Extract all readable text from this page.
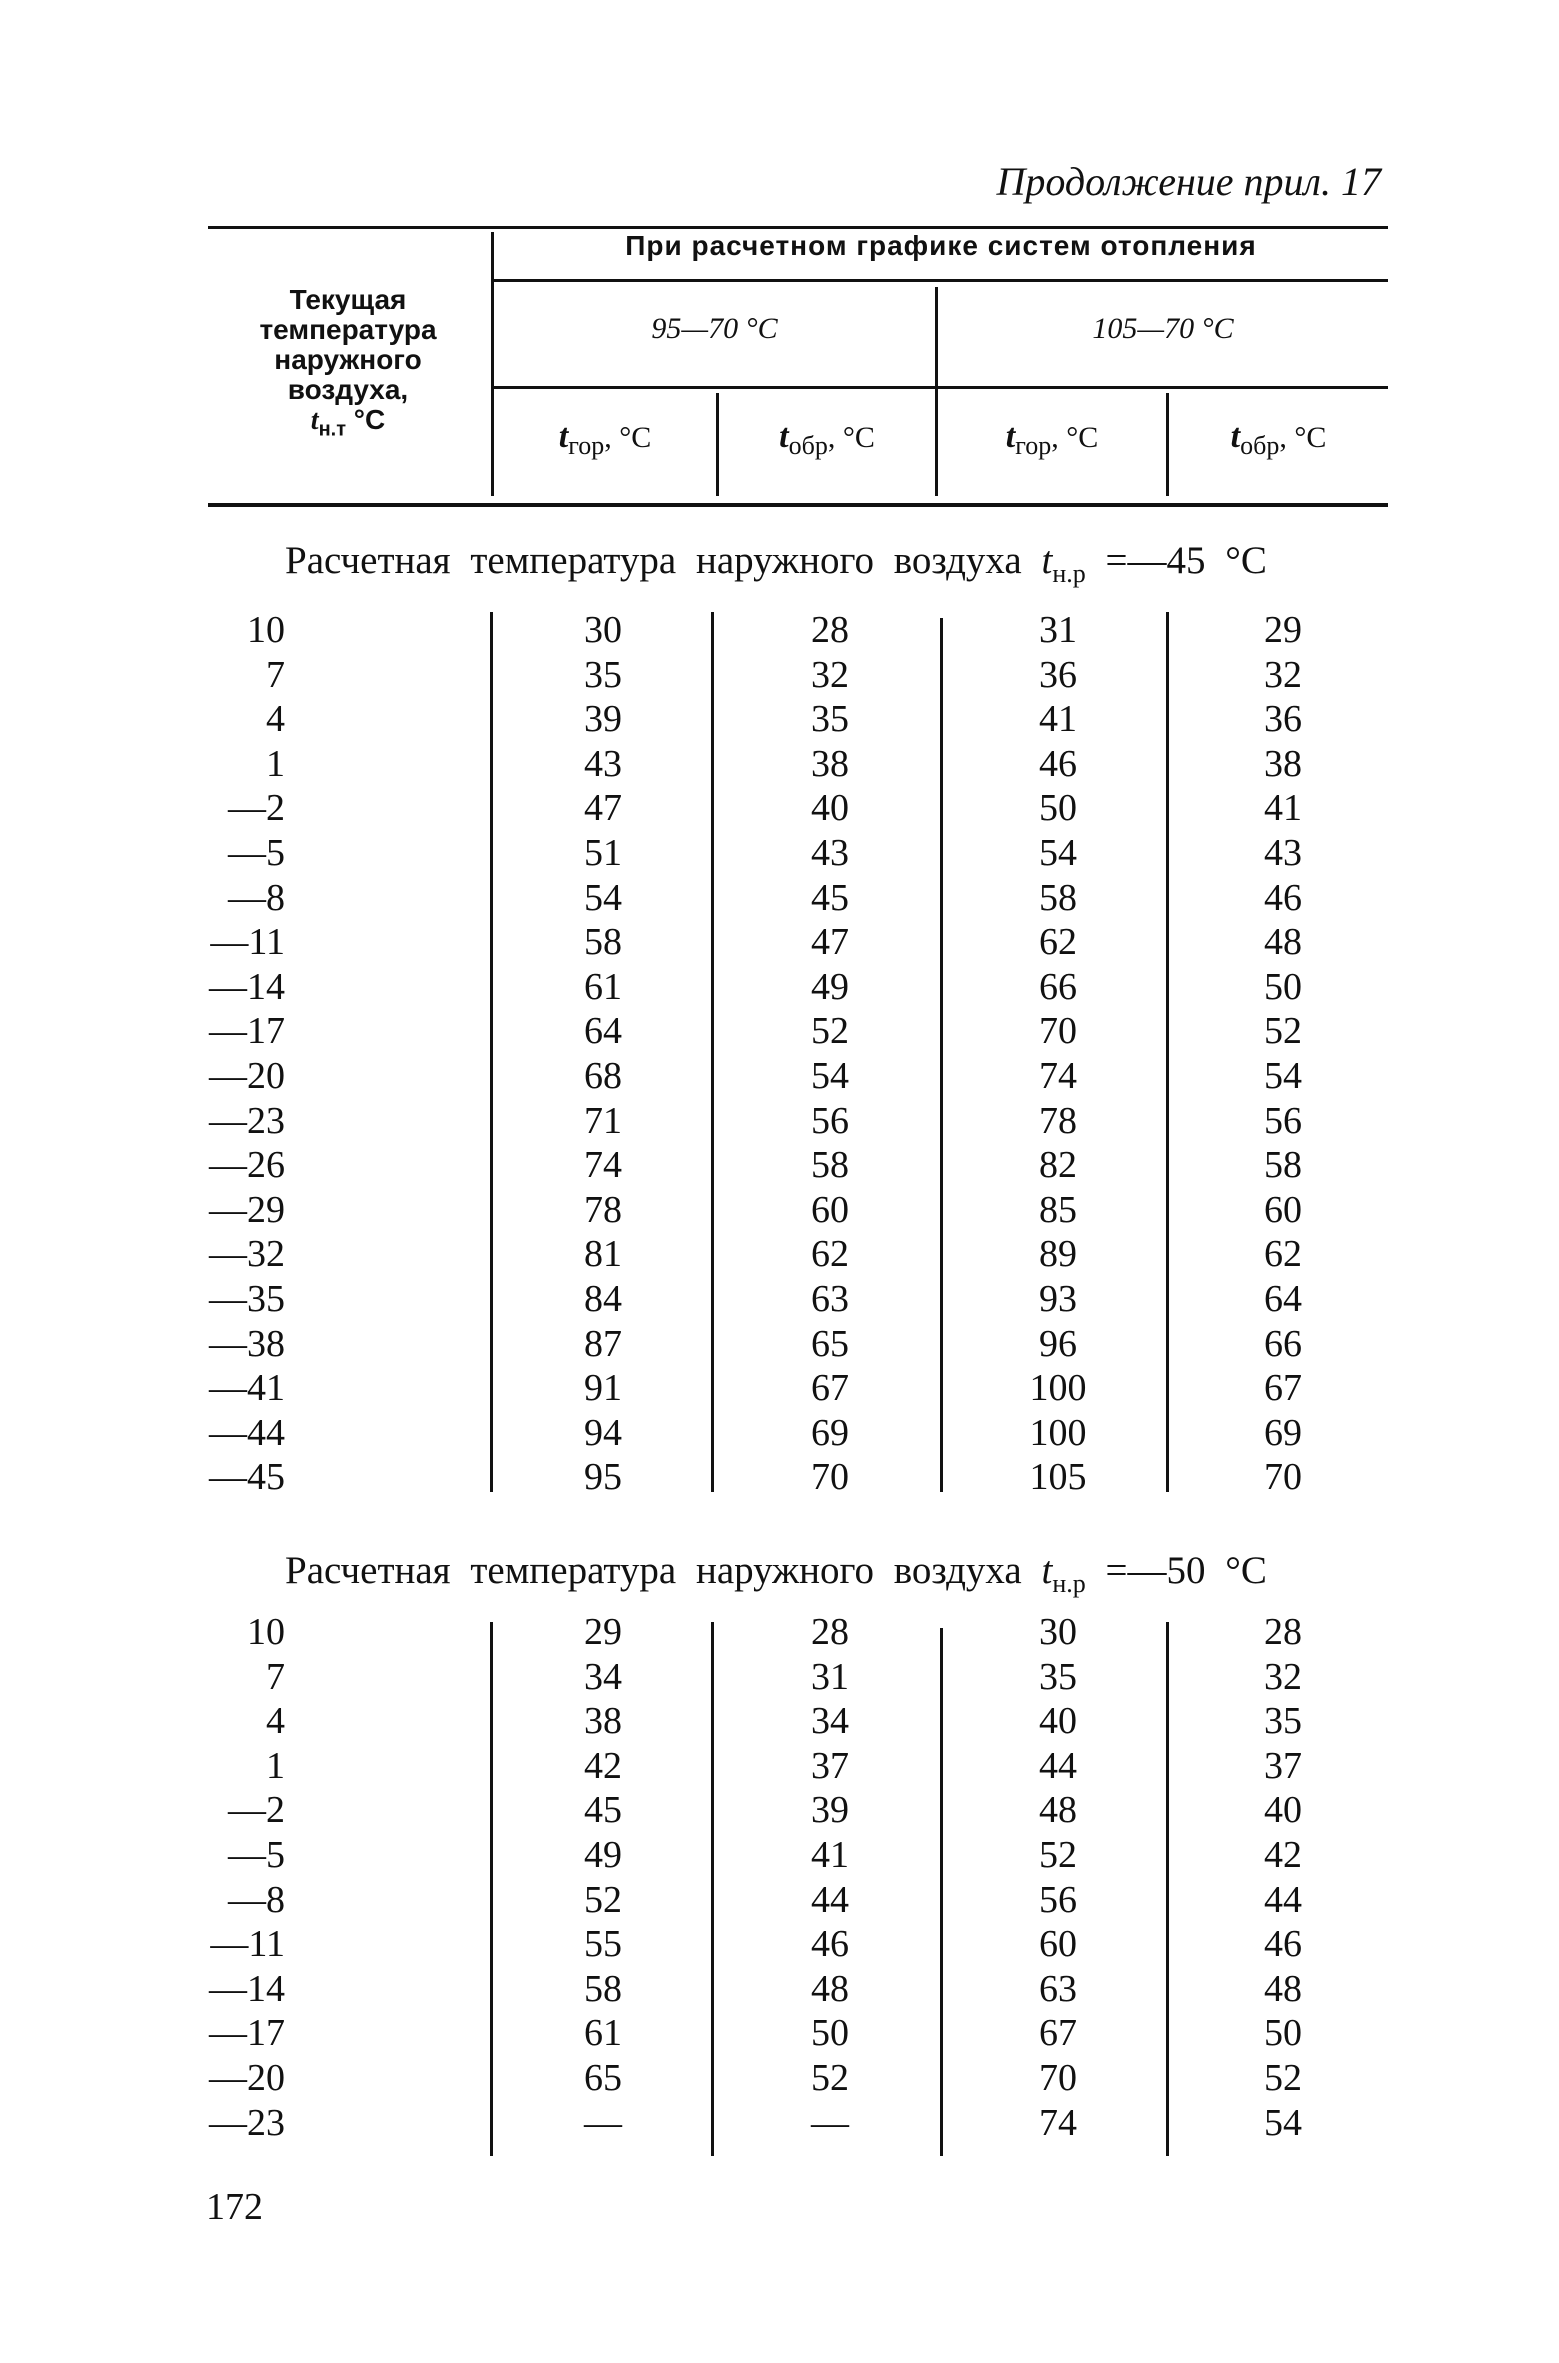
Продолжение прил. 17
Текущая
температура
наружного
воздуха,
$t_{н.т}$ °C
При расчетном графике систем отопления
95—70 °C	105—70 °C
$t_{гор}$, °C	$t_{обр}$, °C	$t_{гор}$, °C	$t_{обр}$, °C
Расчетная температура наружного воздуха $t_{н.р}$ =—45 °C
10	30	28	31	29
7	35	32	36	32
4	39	35	41	36
1	43	38	46	38
—2	47	40	50	41
—5	51	43	54	43
—8	54	45	58	46
—11	58	47	62	48
—14	61	49	66	50
—17	64	52	70	52
—20	68	54	74	54
—23	71	56	78	56
—26	74	58	82	58
—29	78	60	85	60
—32	81	62	89	62
—35	84	63	93	64
—38	87	65	96	66
—41	91	67	100	67
—44	94	69	100	69
—45	95	70	105	70
Расчетная температура наружного воздуха $t_{н.р}$ =—50 °C
10	29	28	30	28
7	34	31	35	32
4	38	34	40	35
1	42	37	44	37
—2	45	39	48	40
—5	49	41	52	42
—8	52	44	56	44
—11	55	46	60	46
—14	58	48	63	48
—17	61	50	67	50
—20	65	52	70	52
—23	—	—	74	54
172
